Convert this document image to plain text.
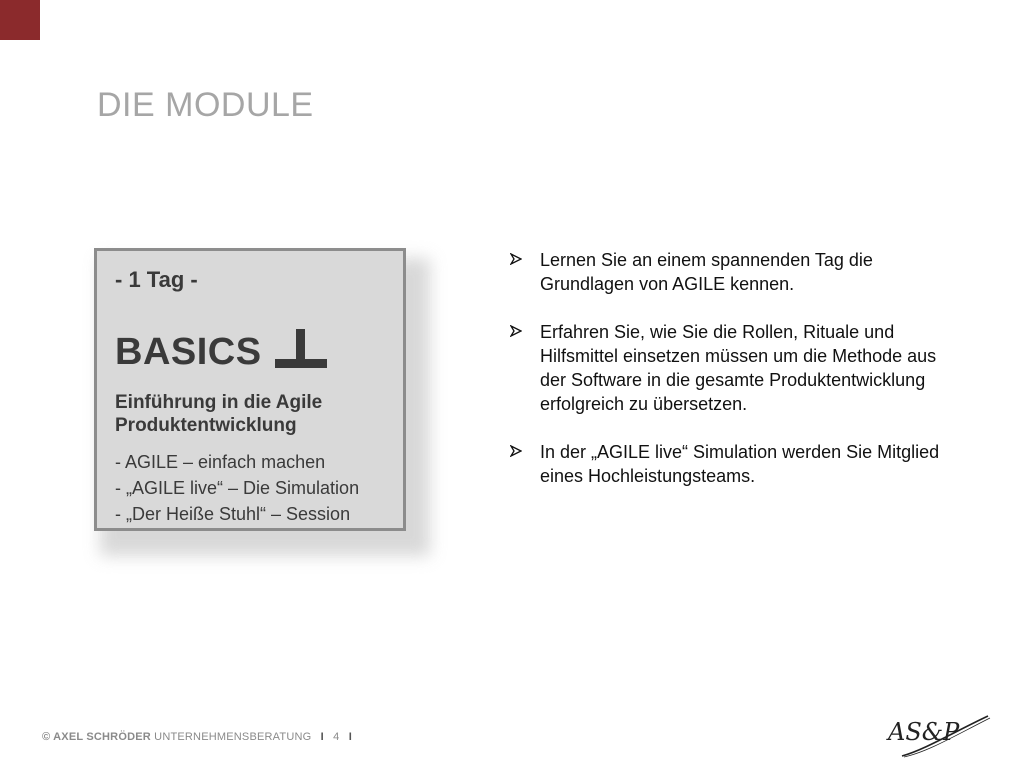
DIE MODULE
- 1 Tag -
BASICS
Einführung in die Agile
Produktentwicklung
- AGILE – einfach machen
- „AGILE live“ – Die Simulation
- „Der Heiße Stuhl“ – Session
Lernen Sie an einem spannenden Tag die Grundlagen von AGILE kennen.
Erfahren Sie, wie Sie die Rollen, Rituale und Hilfsmittel einsetzen müssen um die Methode aus der Software in die gesamte Produktentwicklung erfolgreich zu übersetzen.
In der „AGILE live“ Simulation werden Sie Mitglied eines Hochleistungsteams.
© AXEL SCHRÖDER UNTERNEHMENSBERATUNG I 4 I	AS&P
